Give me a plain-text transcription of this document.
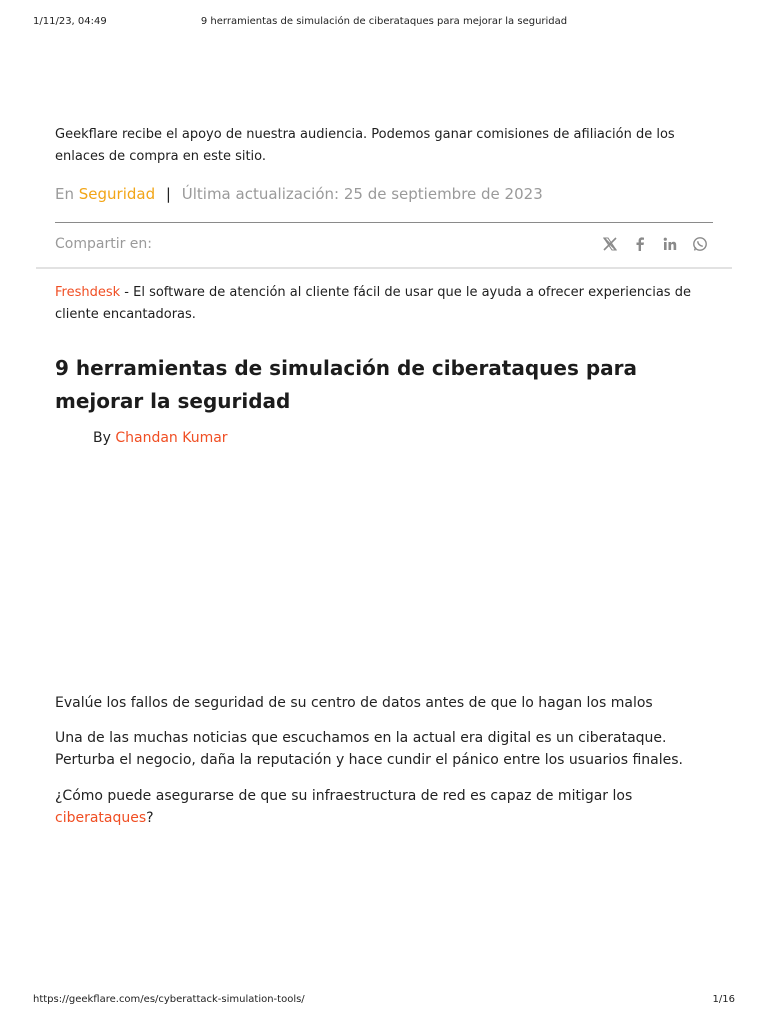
1/11/23, 04:49	9 herramientas de simulación de ciberataques para mejorar la seguridad
Geekflare recibe el apoyo de nuestra audiencia. Podemos ganar comisiones de afiliación de los enlaces de compra en este sitio.
En Seguridad | Última actualización: 25 de septiembre de 2023
Compartir en:
Freshdesk - El software de atención al cliente fácil de usar que le ayuda a ofrecer experiencias de cliente encantadoras.
9 herramientas de simulación de ciberataques para mejorar la seguridad
By Chandan Kumar

Evalúe los fallos de seguridad de su centro de datos antes de que lo hagan los malos

Una de las muchas noticias que escuchamos en la actual era digital es un ciberataque. Perturba el negocio, daña la reputación y hace cundir el pánico entre los usuarios finales.

¿Cómo puede asegurarse de que su infraestructura de red es capaz de mitigar los ciberataques?

https://geekflare.com/es/cyberattack-simulation-tools/	1/16
